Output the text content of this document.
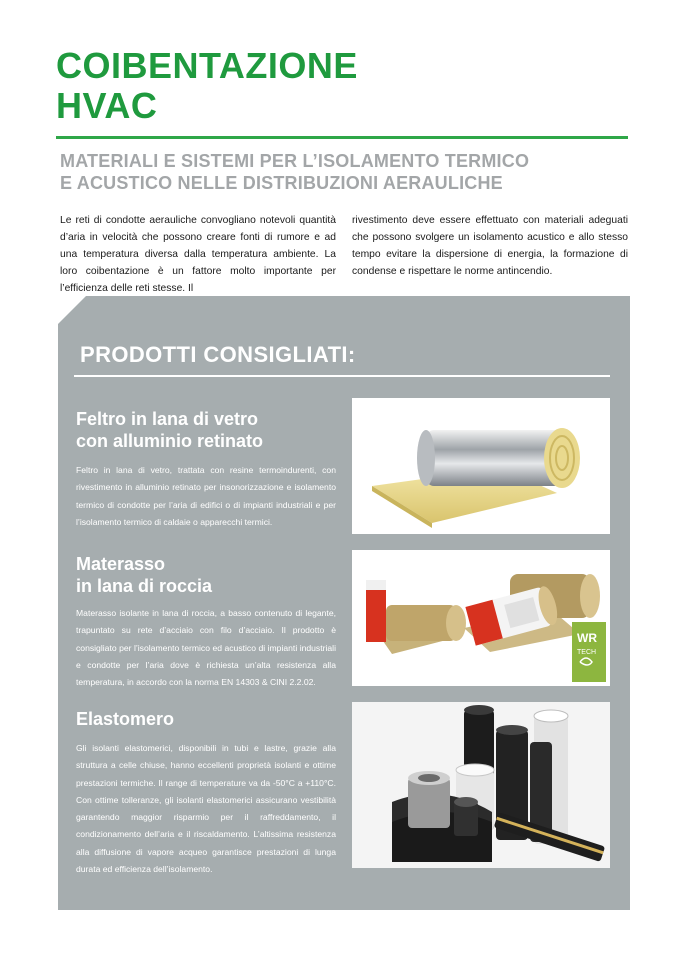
COIBENTAZIONE
HVAC
MATERIALI E SISTEMI PER L’ISOLAMENTO TERMICO
E ACUSTICO NELLE DISTRIBUZIONI AERAULICHE

Le reti di condotte aerauliche convogliano notevoli quantità d’aria in velocità che possono creare fonti di rumore e ad una temperatura diversa dalla temperatura ambiente. La loro coibentazione è un fattore molto importante per l’efficienza delle reti stesse. Il

rivestimento deve essere effettuato con materiali adeguati che possono svolgere un isolamento acustico e allo stesso tempo evitare la dispersione di energia, la formazione di condense e rispettare le norme antincendio.

PRODOTTI CONSIGLIATI:
Feltro in lana di vetro
con alluminio retinato

Feltro in lana di vetro, trattata con resine termoindurenti, con rivestimento in alluminio retinato per insonorizzazione e isolamento termico di condotte per l’aria di edifici o di impianti industriali e per l’isolamento termico di caldaie o apparecchi termici.

Materasso
in lana di roccia

Materasso isolante in lana di roccia, a basso contenuto di legante, trapuntato su rete d’acciaio con filo d’acciaio. Il prodotto è consigliato per l’isolamento termico ed acustico di impianti industriali e condotte per l’aria dove è richiesta un’alta resistenza alla temperatura, in accordo con la norma EN 14303 & CINI 2.2.02.

WR
TECH
Elastomero

Gli isolanti elastomerici, disponibili in tubi e lastre, grazie alla struttura a celle chiuse, hanno eccellenti proprietà isolanti e ottime prestazioni termiche. Il range di temperature va da -50°C a +110°C. Con ottime tolleranze, gli isolanti elastomerici assicurano vestibilità garantendo maggior risparmio per il raffreddamento, il condizionamento dell’aria e il riscaldamento. L’altissima resistenza alla diffusione di vapore acqueo garantisce prestazioni di lunga durata ed efficienza dell’isolamento.
